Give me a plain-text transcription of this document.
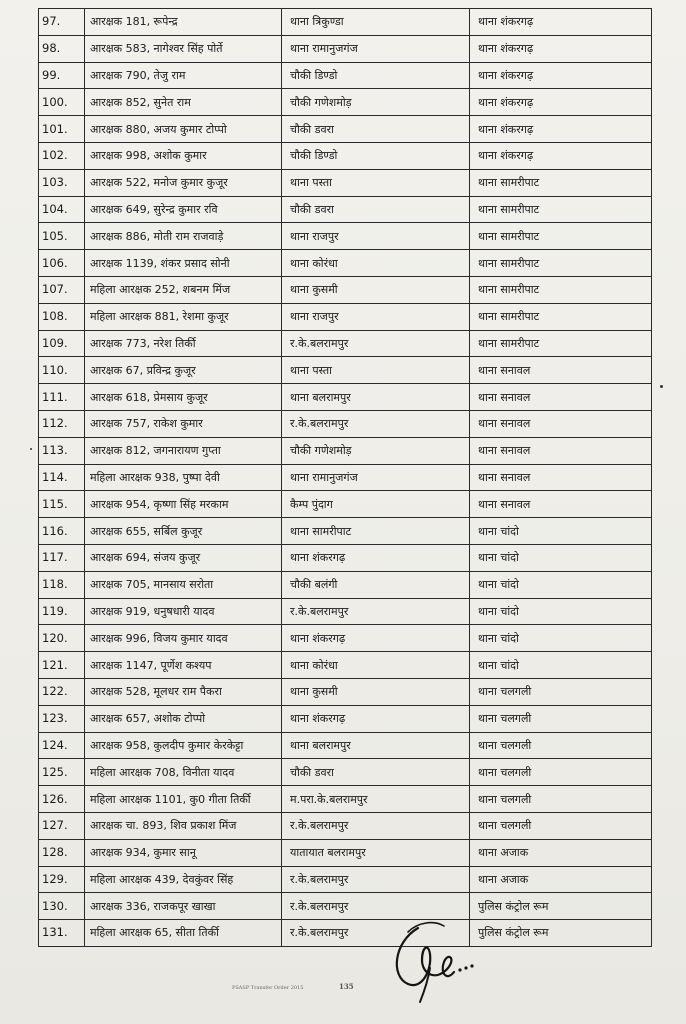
97.	आरक्षक 181, रूपेन्द्र	थाना त्रिकुण्डा	थाना शंकरगढ़
98.	आरक्षक 583, नागेश्वर सिंह पोर्ते	थाना रामानुजगंज	थाना शंकरगढ़
99.	आरक्षक 790, तेजु राम	चौकी डिण्डो	थाना शंकरगढ़
100.	आरक्षक 852, सुनेत राम	चौकी गणेशमोड़	थाना शंकरगढ़
101.	आरक्षक 880, अजय कुमार टोप्पो	चौकी डवरा	थाना शंकरगढ़
102.	आरक्षक 998, अशोक कुमार	चौकी डिण्डो	थाना शंकरगढ़
103.	आरक्षक 522, मनोज कुमार कुजूर	थाना पस्ता	थाना सामरीपाट
104.	आरक्षक 649, सुरेन्द्र कुमार रवि	चौकी डवरा	थाना सामरीपाट
105.	आरक्षक 886, मोती राम राजवाड़े	थाना राजपुर	थाना सामरीपाट
106.	आरक्षक 1139, शंकर प्रसाद सोनी	थाना कोरंधा	थाना सामरीपाट
107.	महिला आरक्षक 252, शबनम मिंज	थाना कुसमी	थाना सामरीपाट
108.	महिला आरक्षक 881, रेशमा कुजूर	थाना राजपुर	थाना सामरीपाट
109.	आरक्षक 773, नरेश तिर्की	र.के.बलरामपुर	थाना सामरीपाट
110.	आरक्षक 67, प्रविन्द्र कुजूर	थाना पस्ता	थाना सनावल
111.	आरक्षक 618, प्रेमसाय कुजूर	थाना बलरामपुर	थाना सनावल
112.	आरक्षक 757, राकेश कुमार	र.के.बलरामपुर	थाना सनावल
113.	आरक्षक 812, जगनारायण गुप्ता	चौकी गणेशमोड़	थाना सनावल
114.	महिला आरक्षक 938, पुष्पा देवी	थाना रामानुजगंज	थाना सनावल
115.	आरक्षक 954, कृष्णा सिंह मरकाम	कैम्प पुंदाग	थाना सनावल
116.	आरक्षक 655, सर्बिल कुजूर	थाना सामरीपाट	थाना चांदो
117.	आरक्षक 694, संजय कुजूर	थाना शंकरगढ़	थाना चांदो
118.	आरक्षक 705, मानसाय सरोता	चौकी बलंगी	थाना चांदो
119.	आरक्षक 919, धनुषधारी यादव	र.के.बलरामपुर	थाना चांदो
120.	आरक्षक 996, विजय कुमार यादव	थाना शंकरगढ़	थाना चांदो
121.	आरक्षक 1147, पूर्णेश कश्यप	थाना कोरंधा	थाना चांदो
122.	आरक्षक 528, मूलधर राम पैकरा	थाना कुसमी	थाना चलगली
123.	आरक्षक 657, अशोक टोप्पो	थाना शंकरगढ़	थाना चलगली
124.	आरक्षक 958, कुलदीप कुमार केरकेट्टा	थाना बलरामपुर	थाना चलगली
125.	महिला आरक्षक 708, विनीता यादव	चौकी डवरा	थाना चलगली
126.	महिला आरक्षक 1101, कु0 गीता तिर्की	म.परा.के.बलरामपुर	थाना चलगली
127.	आरक्षक चा. 893, शिव प्रकाश मिंज	र.के.बलरामपुर	थाना चलगली
128.	आरक्षक 934, कुमार सानू	यातायात बलरामपुर	थाना अजाक
129.	महिला आरक्षक 439, देवकुंवर सिंह	र.के.बलरामपुर	थाना अजाक
130.	आरक्षक 336, राजकपूर खाखा	र.के.बलरामपुर	पुलिस कंट्रोल रूम
131.	महिला आरक्षक 65, सीता तिर्की	र.के.बलरामपुर	पुलिस कंट्रोल रूम
PSASP Transfer Order 2015	135
